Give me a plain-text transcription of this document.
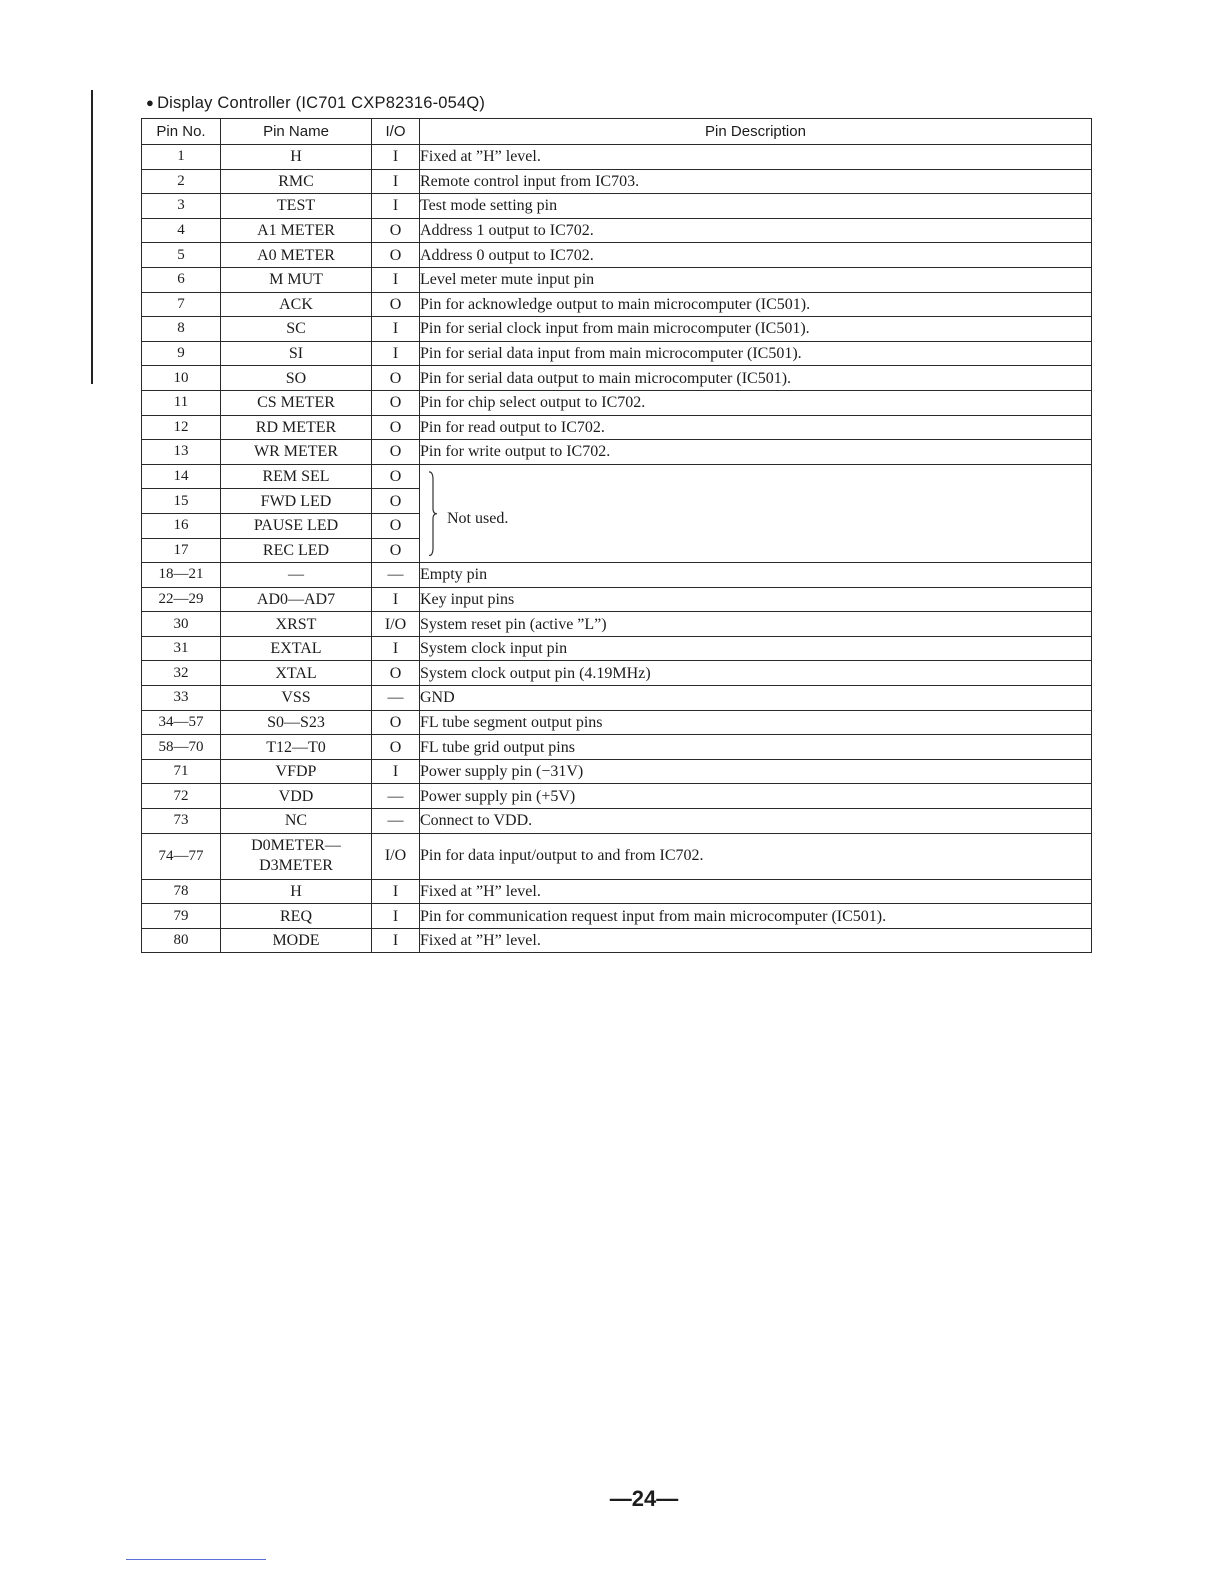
● Display Controller (IC701 CXP82316-054Q)
Pin No.	Pin Name	I/O	Pin Description
1	H	I	Fixed at ”H” level.
2	RMC	I	Remote control input from IC703.
3	TEST	I	Test mode setting pin
4	A1 METER	O	Address 1 output to IC702.
5	A0 METER	O	Address 0 output to IC702.
6	M MUT	I	Level meter mute input pin
7	ACK	O	Pin for acknowledge output to main microcomputer (IC501).
8	SC	I	Pin for serial clock input from main microcomputer (IC501).
9	SI	I	Pin for serial data input from main microcomputer (IC501).
10	SO	O	Pin for serial data output to main microcomputer (IC501).
11	CS METER	O	Pin for chip select output to IC702.
12	RD METER	O	Pin for read output to IC702.
13	WR METER	O	Pin for write output to IC702.
14	REM SEL	O	Not used.

15	FWD LED	O	
16	PAUSE LED	O	
17	REC LED	O	
18—21	—	—	Empty pin
22—29	AD0—AD7	I	Key input pins
30	XRST	I/O	System reset pin (active ”L”)
31	EXTAL	I	System clock input pin
32	XTAL	O	System clock output pin (4.19MHz)
33	VSS	—	GND
34—57	S0—S23	O	FL tube segment output pins
58—70	T12—T0	O	FL tube grid output pins
71	VFDP	I	Power supply pin (−31V)
72	VDD	—	Power supply pin (+5V)
73	NC	—	Connect to VDD.
74—77	D0METER—
D3METER	I/O	Pin for data input/output to and from IC702.
78	H	I	Fixed at ”H” level.
79	REQ	I	Pin for communication request input from main microcomputer (IC501).
80	MODE	I	Fixed at ”H” level.
—24—
